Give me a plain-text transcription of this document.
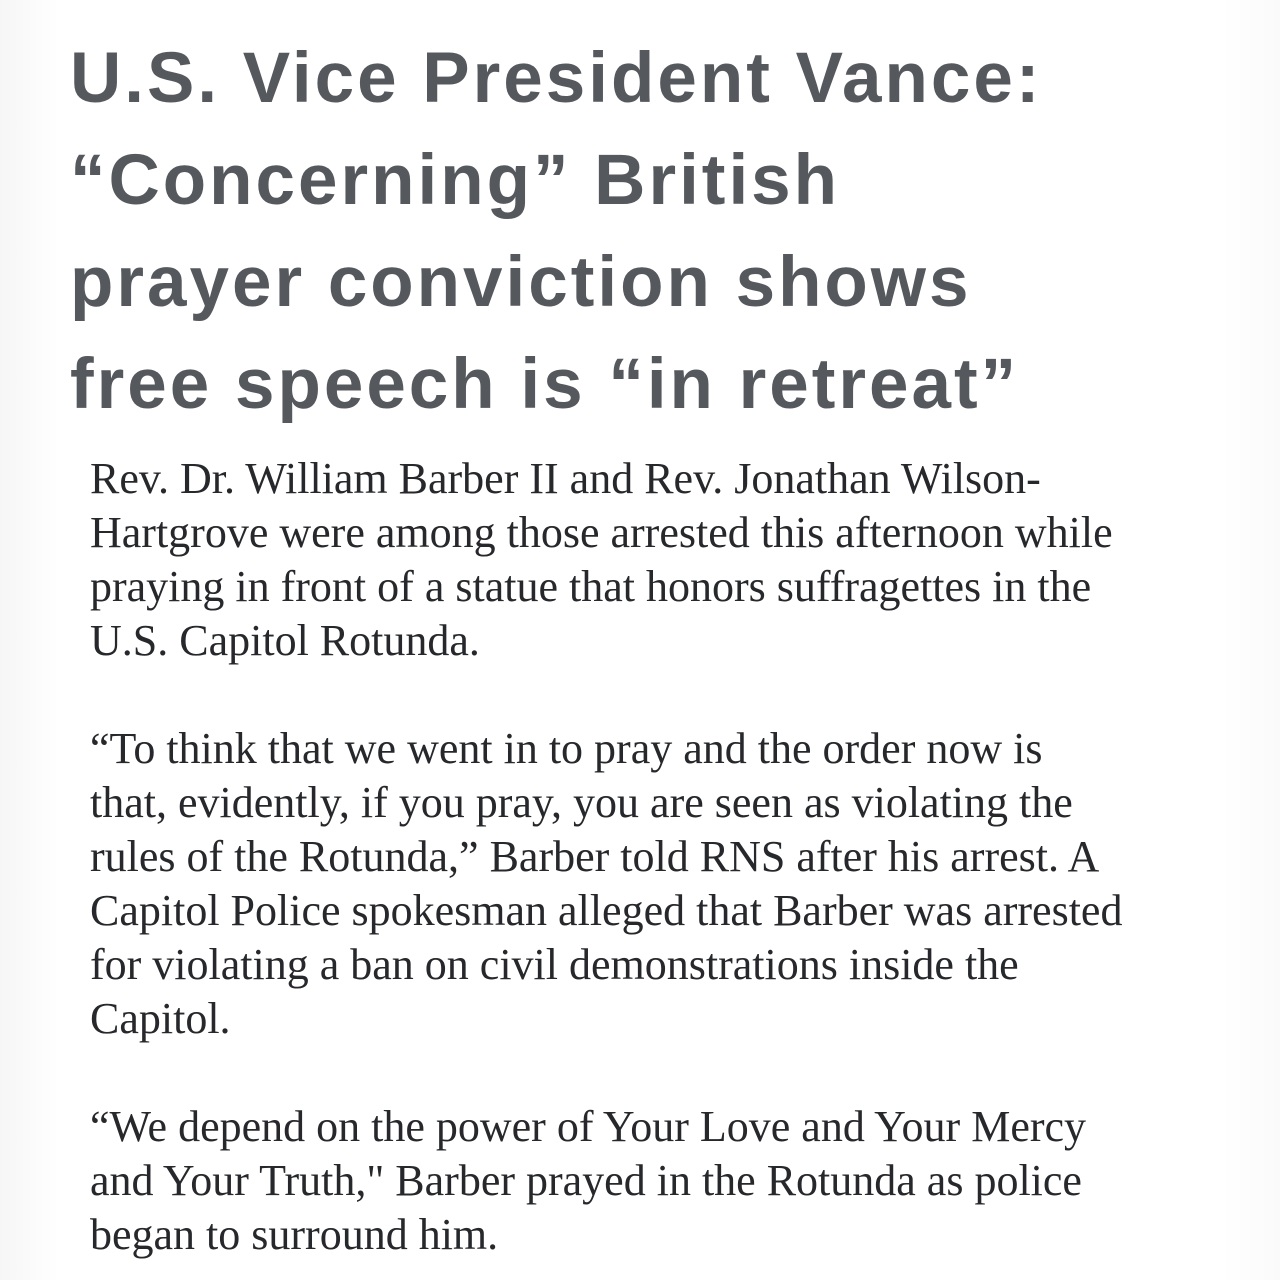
U.S. Vice President Vance:
“Concerning” British
prayer conviction shows
free speech is “in retreat”

Rev. Dr. William Barber II and Rev. Jonathan Wilson-
Hartgrove were among those arrested this afternoon while
praying in front of a statue that honors suffragettes in the
U.S. Capitol Rotunda.

“To think that we went in to pray and the order now is
that, evidently, if you pray, you are seen as violating the
rules of the Rotunda,” Barber told RNS after his arrest. A
Capitol Police spokesman alleged that Barber was arrested
for violating a ban on civil demonstrations inside the
Capitol.

“We depend on the power of Your Love and Your Mercy
and Your Truth," Barber prayed in the Rotunda as police
began to surround him.
